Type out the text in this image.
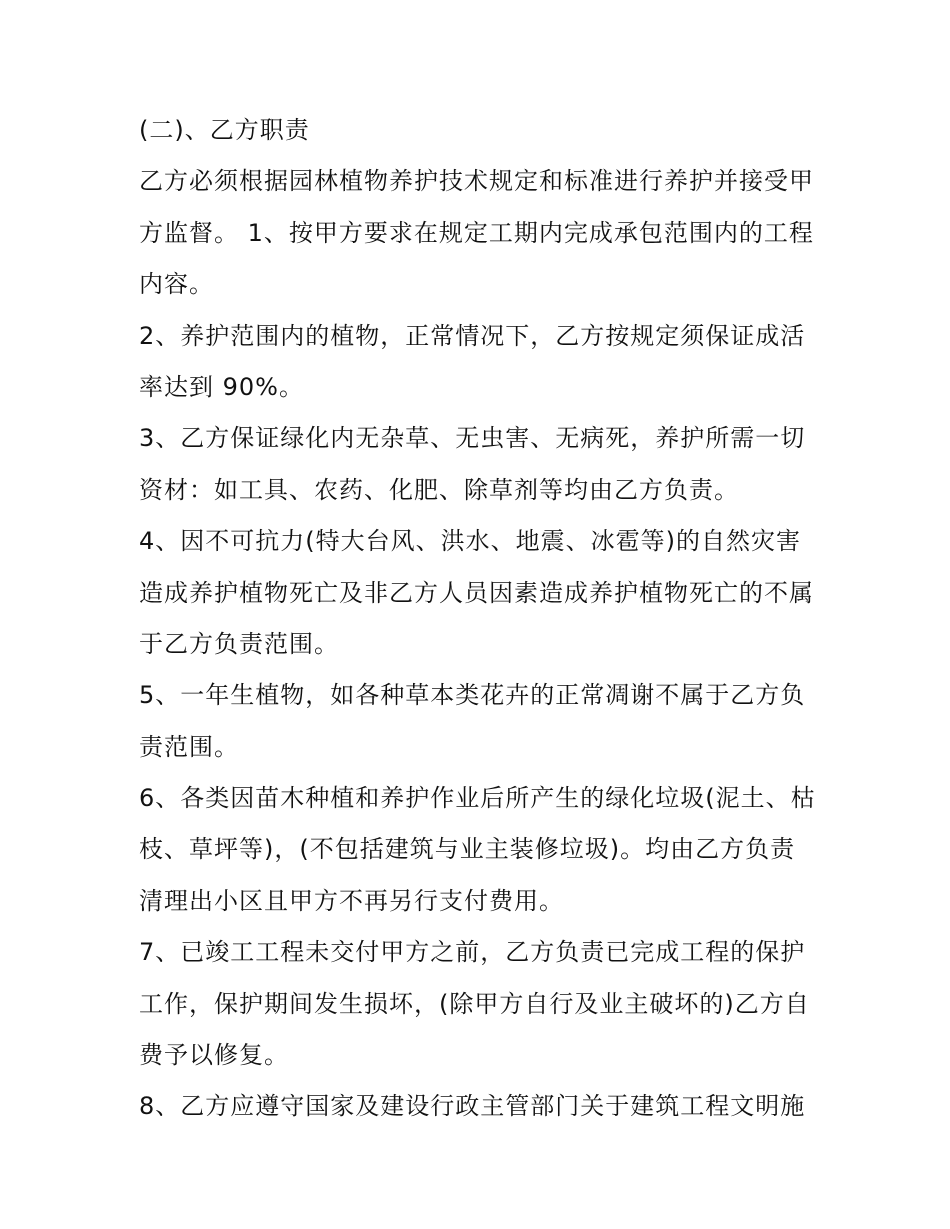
(二)、乙方职责
乙方必须根据园林植物养护技术规定和标准进行养护并接受甲
方监督。 1、按甲方要求在规定工期内完成承包范围内的工程
内容。
2、养护范围内的植物，正常情况下，乙方按规定须保证成活
率达到 90%。
3、乙方保证绿化内无杂草、无虫害、无病死，养护所需一切
资材：如工具、农药、化肥、除草剂等均由乙方负责。
4、因不可抗力(特大台风、洪水、地震、冰雹等)的自然灾害
造成养护植物死亡及非乙方人员因素造成养护植物死亡的不属
于乙方负责范围。
5、一年生植物，如各种草本类花卉的正常凋谢不属于乙方负
责范围。
6、各类因苗木种植和养护作业后所产生的绿化垃圾(泥土、枯
枝、草坪等)，(不包括建筑与业主装修垃圾)。均由乙方负责
清理出小区且甲方不再另行支付费用。
7、已竣工工程未交付甲方之前，乙方负责已完成工程的保护
工作，保护期间发生损坏，(除甲方自行及业主破坏的)乙方自
费予以修复。
8、乙方应遵守国家及建设行政主管部门关于建筑工程文明施
